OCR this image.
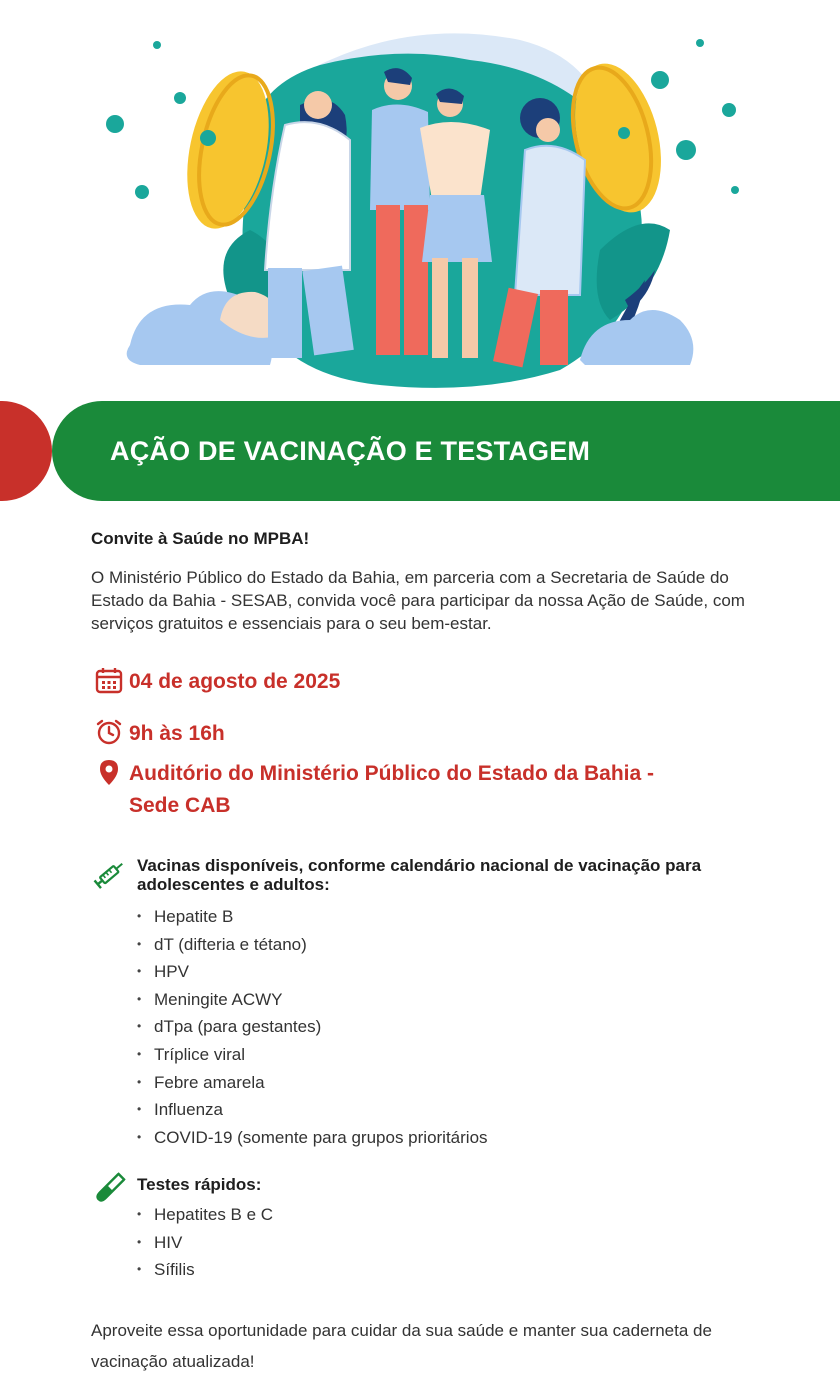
AÇÃO DE VACINAÇÃO E TESTAGEM
Convite à Saúde no MPBA!
O Ministério Público do Estado da Bahia, em parceria com a Secretaria de Saúde do Estado da Bahia - SESAB, convida você para participar da nossa Ação de Saúde, com serviços gratuitos e essenciais para o seu bem-estar.
04 de agosto de 2025
9h às 16h
Auditório do Ministério Público do Estado da Bahia - Sede CAB
Vacinas disponíveis, conforme calendário nacional de vacinação para adolescentes e adultos:
• Hepatite B
• dT (difteria e tétano)
• HPV
• Meningite ACWY
• dTpa (para gestantes)
• Tríplice viral
• Febre amarela
• Influenza
• COVID-19 (somente para grupos prioritários
Testes rápidos:
• Hepatites B e C
• HIV
• Sífilis
Aproveite essa oportunidade para cuidar da sua saúde e manter sua caderneta de vacinação atualizada!
